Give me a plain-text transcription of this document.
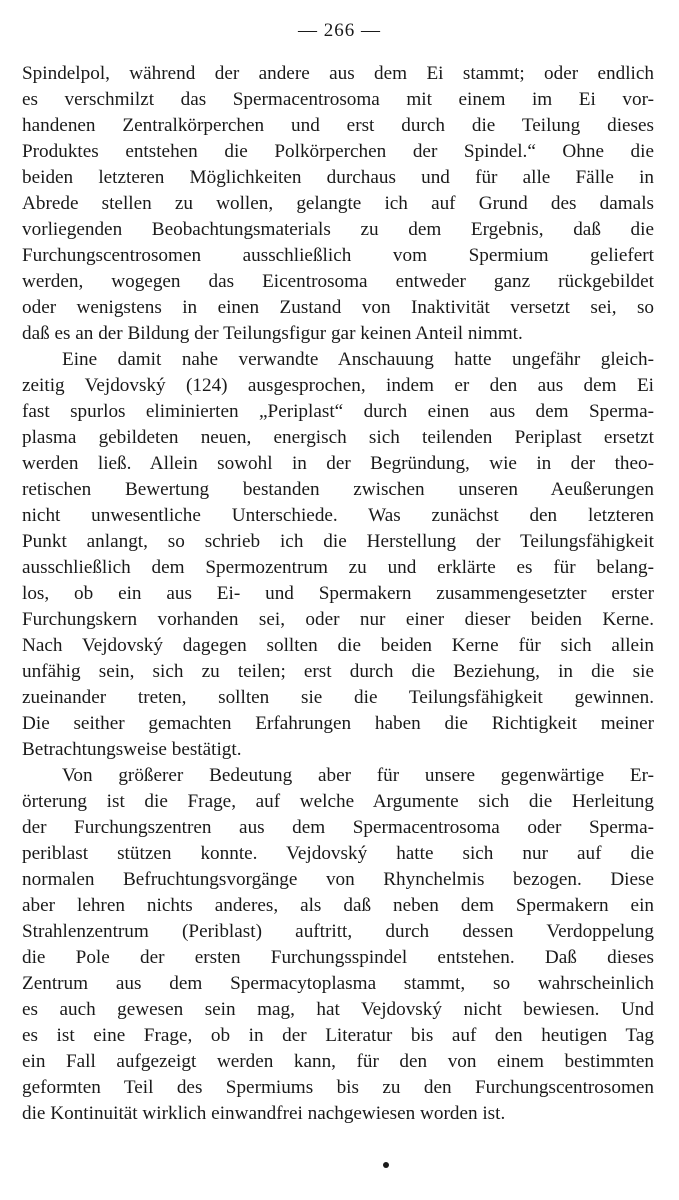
— 266 —
Spindelpol, während der andere aus dem Ei stammt; oder endlich
es verschmilzt das Spermacentrosoma mit einem im Ei vor-
handenen Zentralkörperchen und erst durch die Teilung dieses
Produktes entstehen die Polkörperchen der Spindel.“ Ohne die
beiden letzteren Möglichkeiten durchaus und für alle Fälle in
Abrede stellen zu wollen, gelangte ich auf Grund des damals
vorliegenden Beobachtungsmaterials zu dem Ergebnis, daß die
Furchungscentrosomen ausschließlich vom Spermium geliefert
werden, wogegen das Eicentrosoma entweder ganz rückgebildet
oder wenigstens in einen Zustand von Inaktivität versetzt sei, so
daß es an der Bildung der Teilungsfigur gar keinen Anteil nimmt.
Eine damit nahe verwandte Anschauung hatte ungefähr gleich-
zeitig Vejdovský (124) ausgesprochen, indem er den aus dem Ei
fast spurlos eliminierten „Periplast“ durch einen aus dem Sperma-
plasma gebildeten neuen, energisch sich teilenden Periplast ersetzt
werden ließ. Allein sowohl in der Begründung, wie in der theo-
retischen Bewertung bestanden zwischen unseren Aeußerungen
nicht unwesentliche Unterschiede. Was zunächst den letzteren
Punkt anlangt, so schrieb ich die Herstellung der Teilungsfähigkeit
ausschließlich dem Spermozentrum zu und erklärte es für belang-
los, ob ein aus Ei- und Spermakern zusammengesetzter erster
Furchungskern vorhanden sei, oder nur einer dieser beiden Kerne.
Nach Vejdovský dagegen sollten die beiden Kerne für sich allein
unfähig sein, sich zu teilen; erst durch die Beziehung, in die sie
zueinander treten, sollten sie die Teilungsfähigkeit gewinnen.
Die seither gemachten Erfahrungen haben die Richtigkeit meiner
Betrachtungsweise bestätigt.
Von größerer Bedeutung aber für unsere gegenwärtige Er-
örterung ist die Frage, auf welche Argumente sich die Herleitung
der Furchungszentren aus dem Spermacentrosoma oder Sperma-
periblast stützen konnte. Vejdovský hatte sich nur auf die
normalen Befruchtungsvorgänge von Rhynchelmis bezogen. Diese
aber lehren nichts anderes, als daß neben dem Spermakern ein
Strahlenzentrum (Periblast) auftritt, durch dessen Verdoppelung
die Pole der ersten Furchungsspindel entstehen. Daß dieses
Zentrum aus dem Spermacytoplasma stammt, so wahrscheinlich
es auch gewesen sein mag, hat Vejdovský nicht bewiesen. Und
es ist eine Frage, ob in der Literatur bis auf den heutigen Tag
ein Fall aufgezeigt werden kann, für den von einem bestimmten
geformten Teil des Spermiums bis zu den Furchungscentrosomen
die Kontinuität wirklich einwandfrei nachgewiesen worden ist.
